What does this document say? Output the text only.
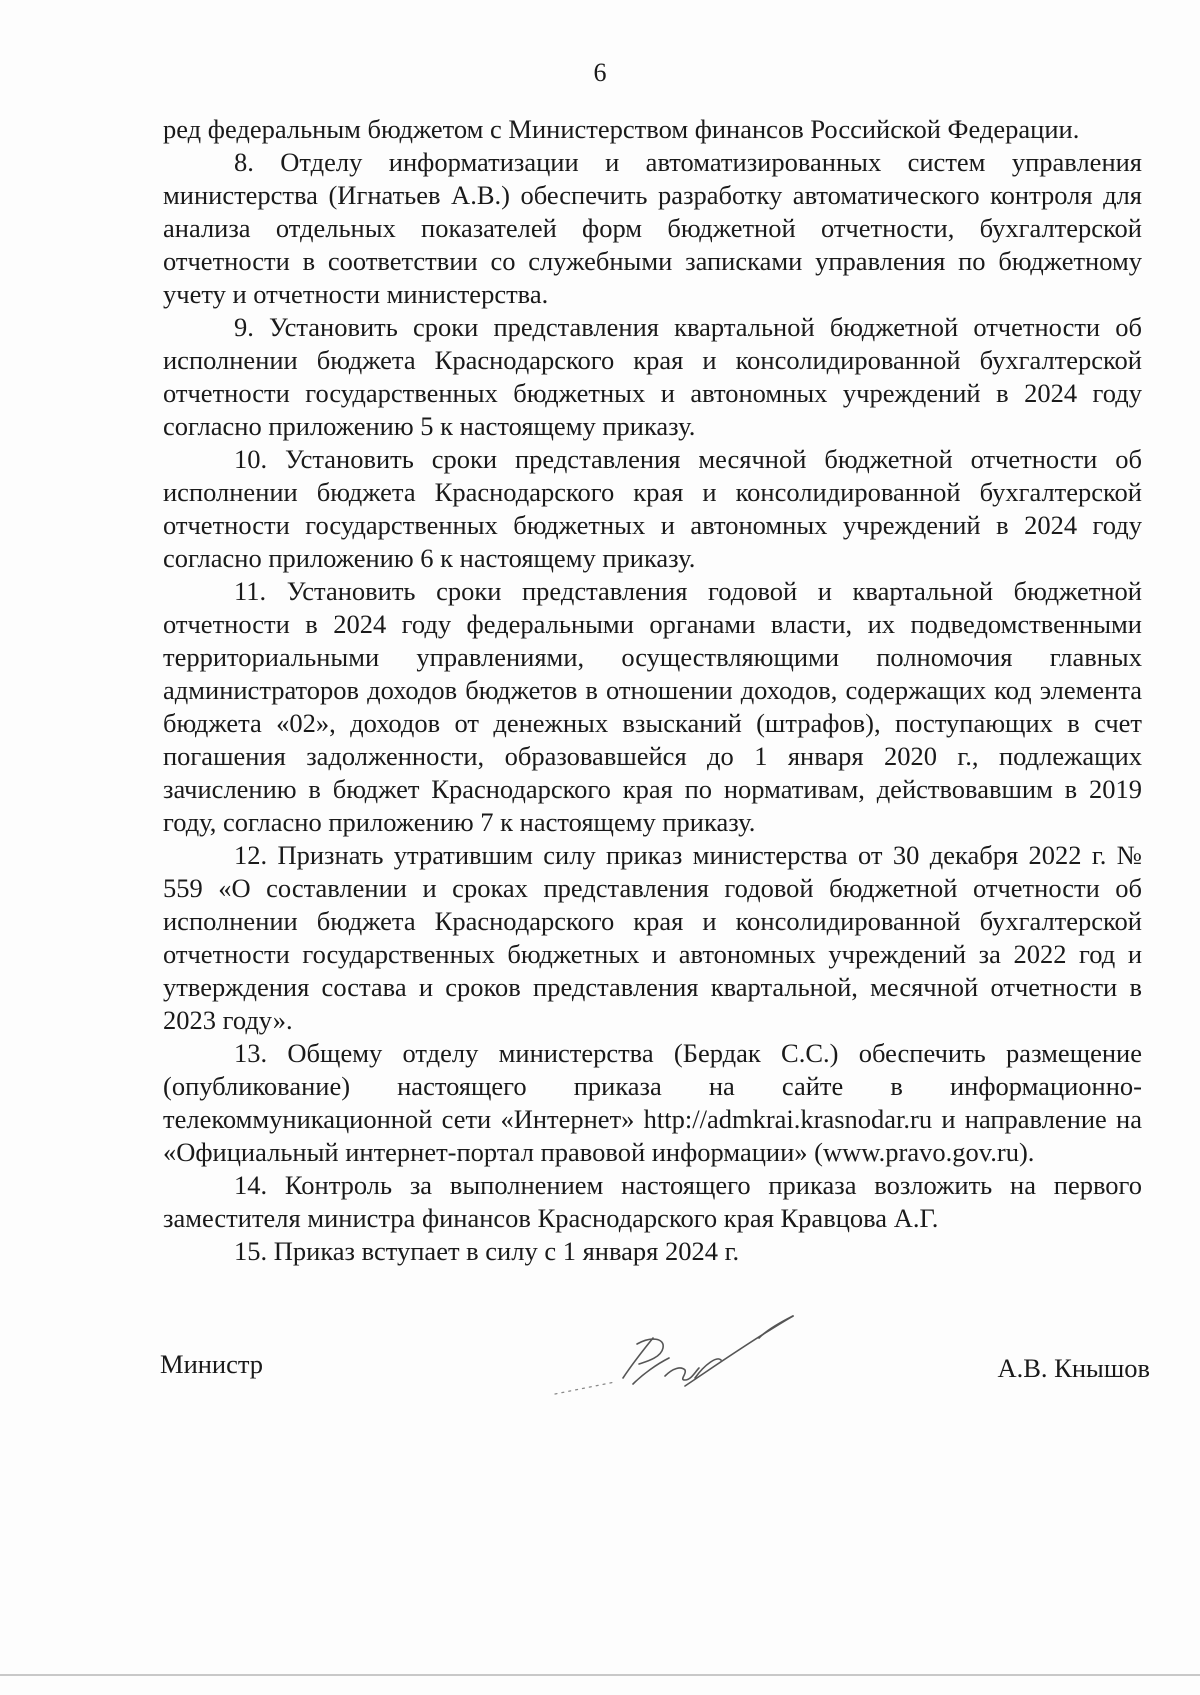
6

ред федеральным бюджетом с Министерством финансов Российской Федерации.

8. Отделу информатизации и автоматизированных систем управления министерства (Игнатьев А.В.) обеспечить разработку автоматического контроля для анализа отдельных показателей форм бюджетной отчетности, бухгалтерской отчетности в соответствии со служебными записками управления по бюджетному учету и отчетности министерства.

9. Установить сроки представления квартальной бюджетной отчетности об исполнении бюджета Краснодарского края и консолидированной бухгалтерской отчетности государственных бюджетных и автономных учреждений в 2024 году согласно приложению 5 к настоящему приказу.

10. Установить сроки представления месячной бюджетной отчетности об исполнении бюджета Краснодарского края и консолидированной бухгалтерской отчетности государственных бюджетных и автономных учреждений в 2024 году согласно приложению 6 к настоящему приказу.

11. Установить сроки представления годовой и квартальной бюджетной отчетности в 2024 году федеральными органами власти, их подведомственными территориальными управлениями, осуществляющими полномочия главных администраторов доходов бюджетов в отношении доходов, содержащих код элемента бюджета «02», доходов от денежных взысканий (штрафов), поступающих в счет погашения задолженности, образовавшейся до 1 января 2020 г., подлежащих зачислению в бюджет Краснодарского края по нормативам, действовавшим в 2019 году, согласно приложению 7 к настоящему приказу.

12. Признать утратившим силу приказ министерства от 30 декабря 2022 г. № 559 «О составлении и сроках представления годовой бюджетной отчетности об исполнении бюджета Краснодарского края и консолидированной бухгалтерской отчетности государственных бюджетных и автономных учреждений за 2022 год и утверждения состава и сроков представления квартальной, месячной отчетности в 2023 году».

13. Общему отделу министерства (Бердак С.С.) обеспечить размещение (опубликование) настоящего приказа на сайте в информационно-телекоммуникационной сети «Интернет» http://admkrai.krasnodar.ru и направление на «Официальный интернет-портал правовой информации» (www.pravo.gov.ru).

14. Контроль за выполнением настоящего приказа возложить на первого заместителя министра финансов Краснодарского края Кравцова А.Г.

15. Приказ вступает в силу с 1 января 2024 г.

Министр	А.В. Кнышов
